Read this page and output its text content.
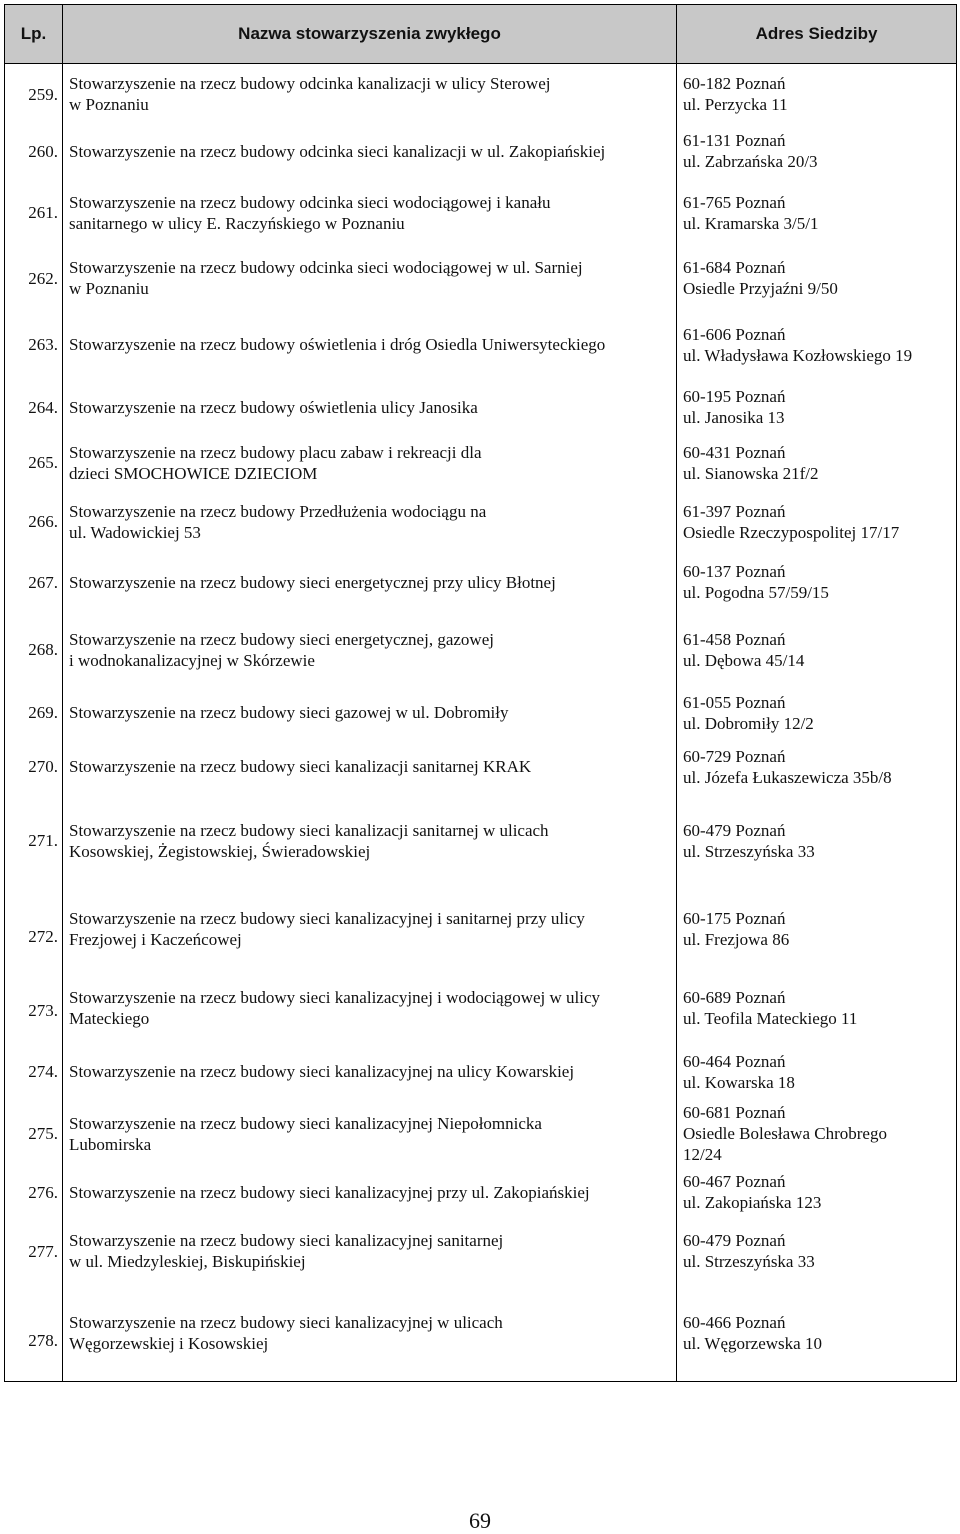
Lp.	Nazwa stowarzyszenia zwykłego	Adres Siedziby
259.	Stowarzyszenie na rzecz budowy odcinka kanalizacji w ulicy Sterowej
w Poznaniu	60-182 Poznań
ul. Perzycka 11

260.	Stowarzyszenie na rzecz budowy odcinka sieci kanalizacji w ul. Zakopiańskiej	61-131 Poznań
ul. Zabrzańska 20/3

261.	Stowarzyszenie na rzecz budowy odcinka sieci wodociągowej i kanału
sanitarnego w ulicy E. Raczyńskiego w Poznaniu	61-765 Poznań
ul. Kramarska 3/5/1

262.	Stowarzyszenie na rzecz budowy odcinka sieci wodociągowej w ul. Sarniej
w Poznaniu	61-684 Poznań
Osiedle Przyjaźni 9/50

263.	Stowarzyszenie na rzecz budowy oświetlenia i dróg Osiedla Uniwersyteckiego	61-606 Poznań
ul. Władysława Kozłowskiego 19

264.	Stowarzyszenie na rzecz budowy oświetlenia ulicy Janosika	60-195 Poznań
ul. Janosika 13

265.	Stowarzyszenie na rzecz budowy placu zabaw i rekreacji dla
dzieci SMOCHOWICE DZIECIOM	60-431 Poznań
ul. Sianowska 21f/2

266.	Stowarzyszenie na rzecz budowy Przedłużenia wodociągu na
ul. Wadowickiej 53	61-397 Poznań
Osiedle Rzeczypospolitej 17/17

267.	Stowarzyszenie na rzecz budowy sieci energetycznej przy ulicy Błotnej	60-137 Poznań
ul. Pogodna 57/59/15

268.	Stowarzyszenie na rzecz budowy sieci energetycznej, gazowej
i wodnokanalizacyjnej w Skórzewie	61-458 Poznań
ul. Dębowa 45/14

269.	Stowarzyszenie na rzecz budowy sieci gazowej w ul. Dobromiły	61-055 Poznań
ul. Dobromiły 12/2

270.	Stowarzyszenie na rzecz budowy sieci kanalizacji sanitarnej KRAK	60-729 Poznań
ul. Józefa Łukaszewicza 35b/8

271.	Stowarzyszenie na rzecz budowy sieci kanalizacji sanitarnej w ulicach
Kosowskiej, Żegistowskiej, Świeradowskiej	60-479 Poznań
ul. Strzeszyńska 33

272.	Stowarzyszenie na rzecz budowy sieci kanalizacyjnej i sanitarnej przy ulicy
Frezjowej i Kaczeńcowej	60-175 Poznań
ul. Frezjowa 86

273.	Stowarzyszenie na rzecz budowy sieci kanalizacyjnej i wodociągowej w ulicy
Mateckiego	60-689 Poznań
ul. Teofila Mateckiego 11

274.	Stowarzyszenie na rzecz budowy sieci kanalizacyjnej na ulicy Kowarskiej	60-464 Poznań
ul. Kowarska 18

275.	Stowarzyszenie na rzecz budowy sieci kanalizacyjnej Niepołomnicka
Lubomirska	60-681 Poznań
Osiedle Bolesława Chrobrego
12/24

276.	Stowarzyszenie na rzecz budowy sieci kanalizacyjnej przy ul. Zakopiańskiej	60-467 Poznań
ul. Zakopiańska 123

277.	Stowarzyszenie na rzecz budowy sieci kanalizacyjnej sanitarnej
w ul. Miedzyleskiej, Biskupińskiej	60-479 Poznań
ul. Strzeszyńska 33

278.	Stowarzyszenie na rzecz budowy sieci kanalizacyjnej w ulicach
Węgorzewskiej i Kosowskiej	60-466 Poznań
ul. Węgorzewska 10
69
